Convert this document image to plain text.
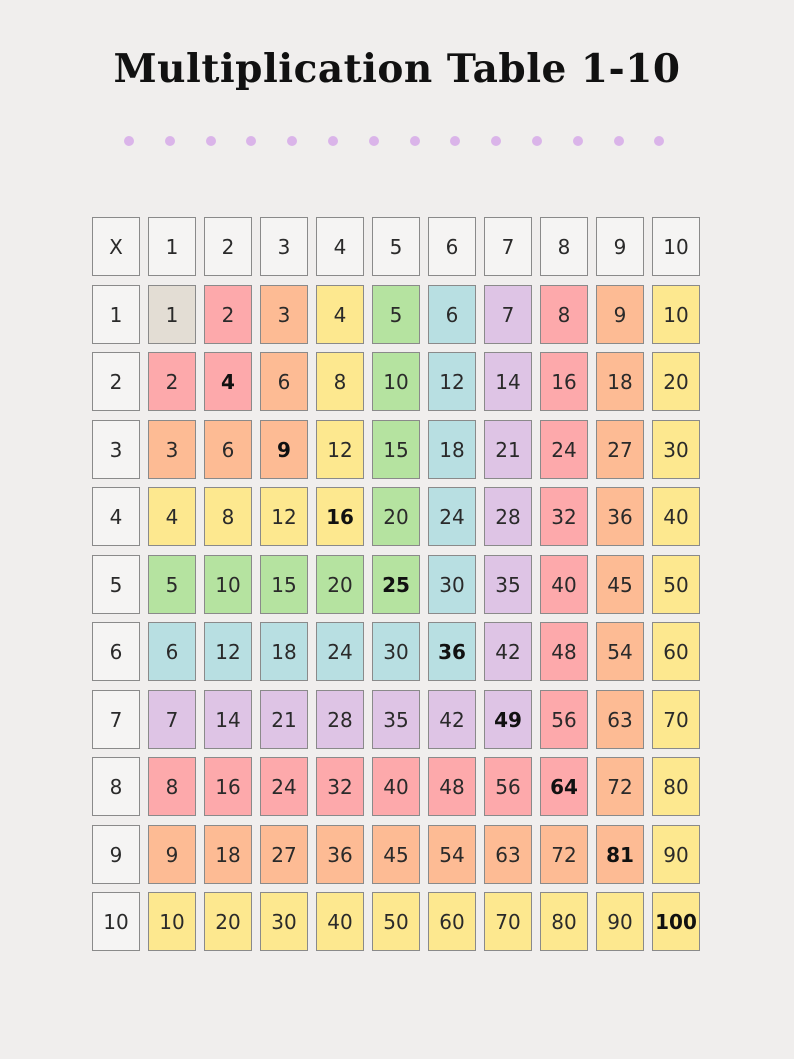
Multiplication Table 1-10
X	1	2	3	4	5	6	7	8	9	10
1	1	2	3	4	5	6	7	8	9	10
2	2	4	6	8	10	12	14	16	18	20
3	3	6	9	12	15	18	21	24	27	30
4	4	8	12	16	20	24	28	32	36	40
5	5	10	15	20	25	30	35	40	45	50
6	6	12	18	24	30	36	42	48	54	60
7	7	14	21	28	35	42	49	56	63	70
8	8	16	24	32	40	48	56	64	72	80
9	9	18	27	36	45	54	63	72	81	90
10	10	20	30	40	50	60	70	80	90	100
